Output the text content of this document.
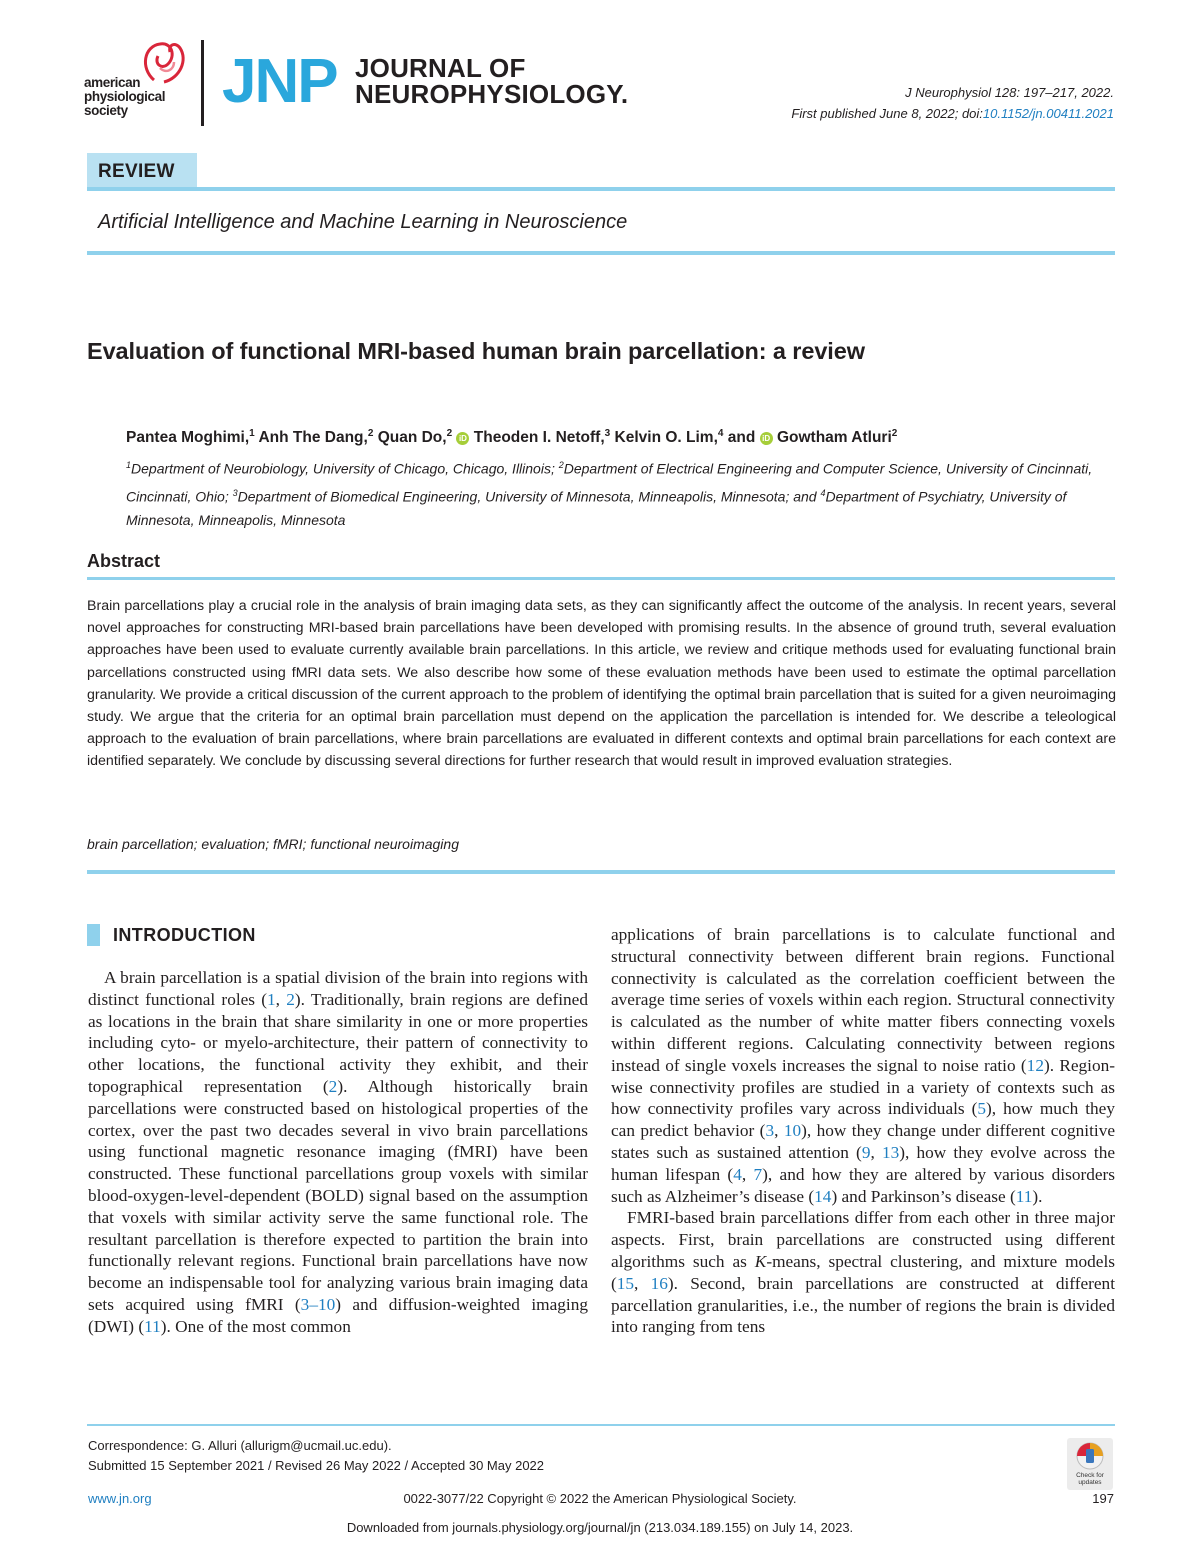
american
physiological
society	JNP JOURNAL OF
NEUROPHYSIOLOGY.	J Neurophysiol 128: 197–217, 2022.
First published June 8, 2022; doi:10.1152/jn.00411.2021
REVIEW
Artificial Intelligence and Machine Learning in Neuroscience
Evaluation of functional MRI-based human brain parcellation: a review
Pantea Moghimi,$^1$ Anh The Dang,$^2$ Quan Do,$^2$ iD Theoden I. Netoff,$^3$ Kelvin O. Lim,$^4$ and iD Gowtham Atluri$^2$
$^1$Department of Neurobiology, University of Chicago, Chicago, Illinois; $^2$Department of Electrical Engineering and Computer Science, University of Cincinnati, Cincinnati, Ohio; $^3$Department of Biomedical Engineering, University of Minnesota, Minneapolis, Minnesota; and $^4$Department of Psychiatry, University of Minnesota, Minneapolis, Minnesota
Abstract
Brain parcellations play a crucial role in the analysis of brain imaging data sets, as they can significantly affect the outcome of the analysis. In recent years, several novel approaches for constructing MRI-based brain parcellations have been developed with promising results. In the absence of ground truth, several evaluation approaches have been used to evaluate currently available brain parcellations. In this article, we review and critique methods used for evaluating functional brain parcellations constructed using fMRI data sets. We also describe how some of these evaluation methods have been used to estimate the optimal parcellation granularity. We provide a critical discussion of the current approach to the problem of identifying the optimal brain parcellation that is suited for a given neuroimaging study. We argue that the criteria for an optimal brain parcellation must depend on the application the parcellation is intended for. We describe a teleological approach to the evaluation of brain parcellations, where brain parcellations are evaluated in different contexts and optimal brain parcellations for each context are identified separately. We conclude by discussing several directions for further research that would result in improved evaluation strategies.
brain parcellation; evaluation; fMRI; functional neuroimaging
INTRODUCTION

A brain parcellation is a spatial division of the brain into regions with distinct functional roles (1, 2). Traditionally, brain regions are defined as locations in the brain that share similarity in one or more properties including cyto- or myelo-architecture, their pattern of connectivity to other locations, the functional activity they exhibit, and their topographical representation (2). Although historically brain parcellations were constructed based on histological properties of the cortex, over the past two decades several in vivo brain parcellations using functional magnetic resonance imaging (fMRI) have been constructed. These functional parcellations group voxels with similar blood-oxygen-level-dependent (BOLD) signal based on the assumption that voxels with similar activity serve the same functional role. The resultant parcellation is therefore expected to partition the brain into functionally relevant regions. Functional brain parcellations have now become an indispensable tool for analyzing various brain imaging data sets acquired using fMRI (3–10) and diffusion-weighted imaging (DWI) (11). One of the most common

applications of brain parcellations is to calculate functional and structural connectivity between different brain regions. Functional connectivity is calculated as the correlation coefficient between the average time series of voxels within each region. Structural connectivity is calculated as the number of white matter fibers connecting voxels within different regions. Calculating connectivity between regions instead of single voxels increases the signal to noise ratio (12). Region-wise connectivity profiles are studied in a variety of contexts such as how connectivity profiles vary across individuals (5), how much they can predict behavior (3, 10), how they change under different cognitive states such as sustained attention (9, 13), how they evolve across the human lifespan (4, 7), and how they are altered by various disorders such as Alzheimer’s disease (14) and Parkinson’s disease (11).

FMRI-based brain parcellations differ from each other in three major aspects. First, brain parcellations are constructed using different algorithms such as K-means, spectral clustering, and mixture models (15, 16). Second, brain parcellations are constructed at different parcellation granularities, i.e., the number of regions the brain is divided into ranging from tens

Correspondence: G. Alluri (allurigm@ucmail.uc.edu).
Submitted 15 September 2021 / Revised 26 May 2022 / Accepted 30 May 2022
Check for updates
www.jn.org	0022-3077/22 Copyright © 2022 the American Physiological Society.	197
Downloaded from journals.physiology.org/journal/jn (213.034.189.155) on July 14, 2023.
